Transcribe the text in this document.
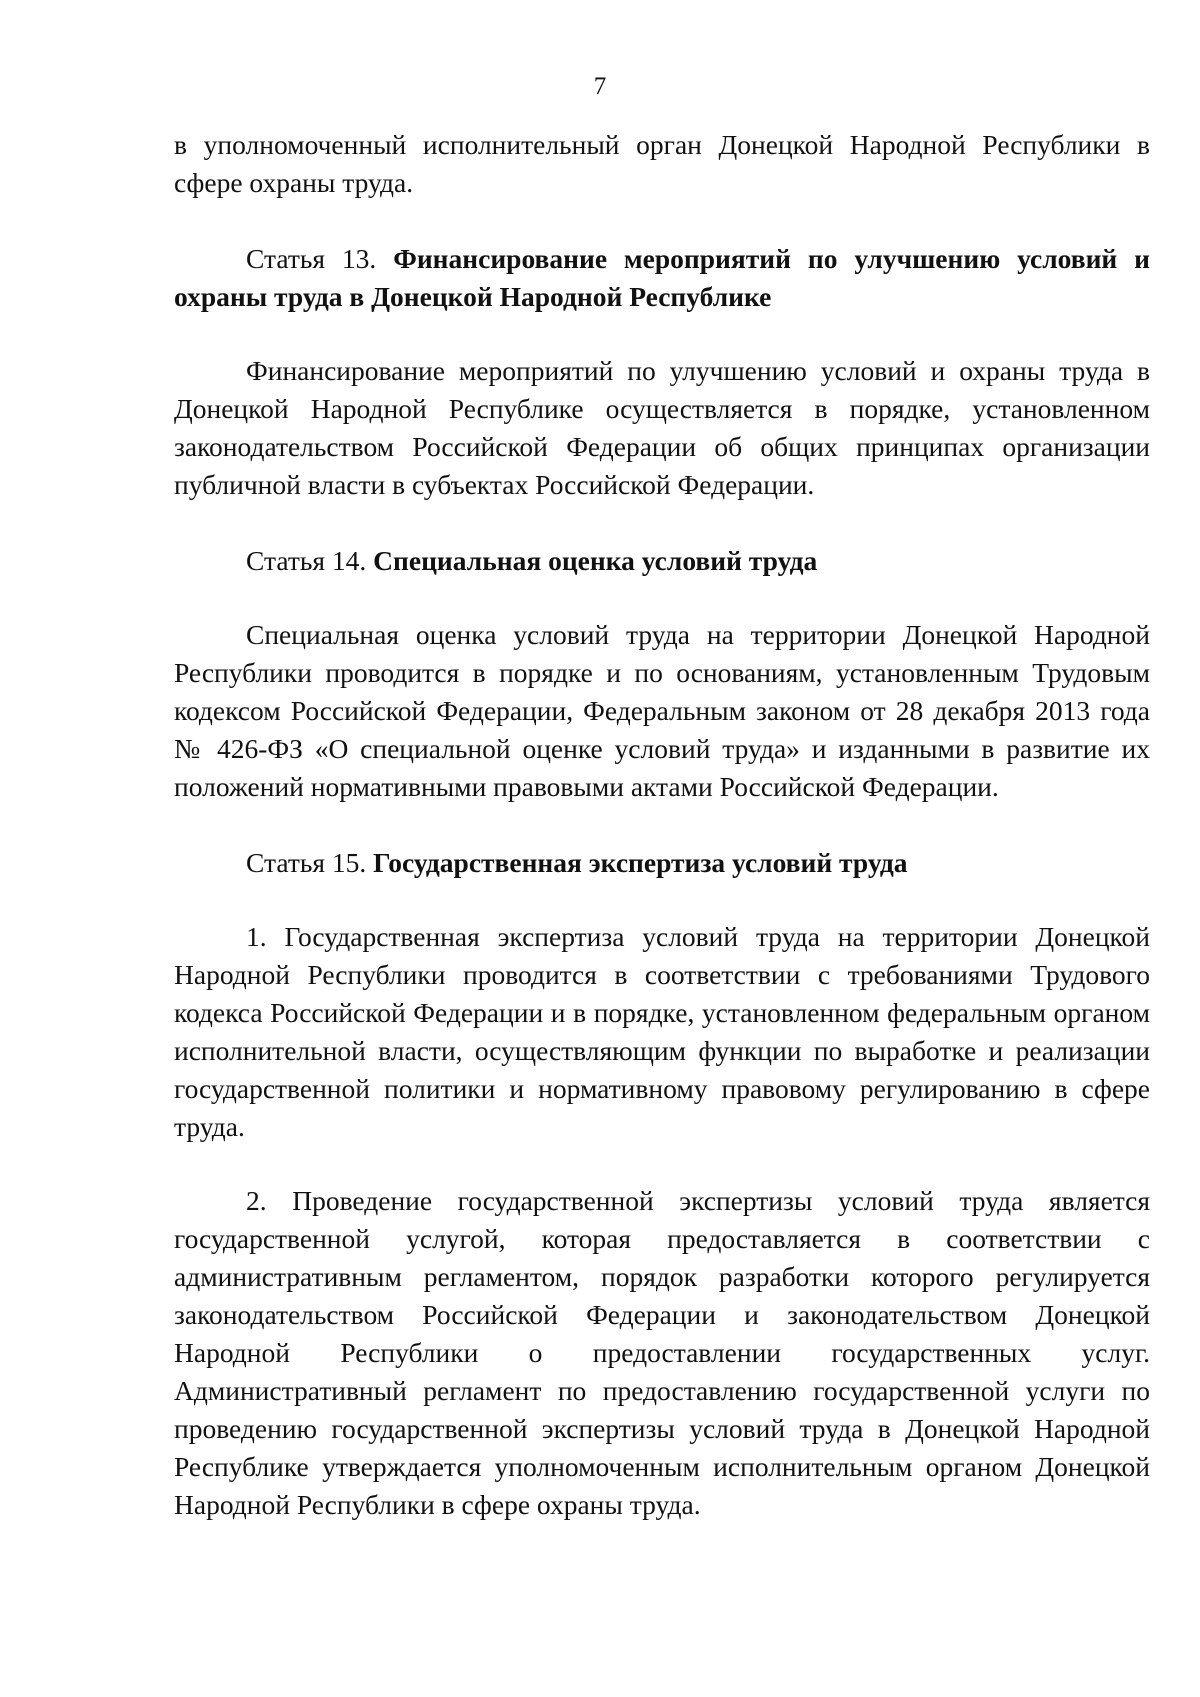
7

в уполномоченный исполнительный орган Донецкой Народной Республики в сфере охраны труда.

Статья 13. Финансирование мероприятий по улучшению условий и охраны труда в Донецкой Народной Республике

Финансирование мероприятий по улучшению условий и охраны труда в Донецкой Народной Республике осуществляется в порядке, установленном законодательством Российской Федерации об общих принципах организации публичной власти в субъектах Российской Федерации.

Статья 14. Специальная оценка условий труда

Специальная оценка условий труда на территории Донецкой Народной Республики проводится в порядке и по основаниям, установленным Трудовым кодексом Российской Федерации, Федеральным законом от 28 декабря 2013 года № 426-ФЗ «О специальной оценке условий труда» и изданными в развитие их положений нормативными правовыми актами Российской Федерации.

Статья 15. Государственная экспертиза условий труда

1. Государственная экспертиза условий труда на территории Донецкой Народной Республики проводится в соответствии с требованиями Трудового кодекса Российской Федерации и в порядке, установленном федеральным органом исполнительной власти, осуществляющим функции по выработке и реализации государственной политики и нормативному правовому регулированию в сфере труда.

2. Проведение государственной экспертизы условий труда является государственной услугой, которая предоставляется в соответствии с административным регламентом, порядок разработки которого регулируется законодательством Российской Федерации и законодательством Донецкой Народной Республики о предоставлении государственных услуг. Административный регламент по предоставлению государственной услуги по проведению государственной экспертизы условий труда в Донецкой Народной Республике утверждается уполномоченным исполнительным органом Донецкой Народной Республики в сфере охраны труда.
